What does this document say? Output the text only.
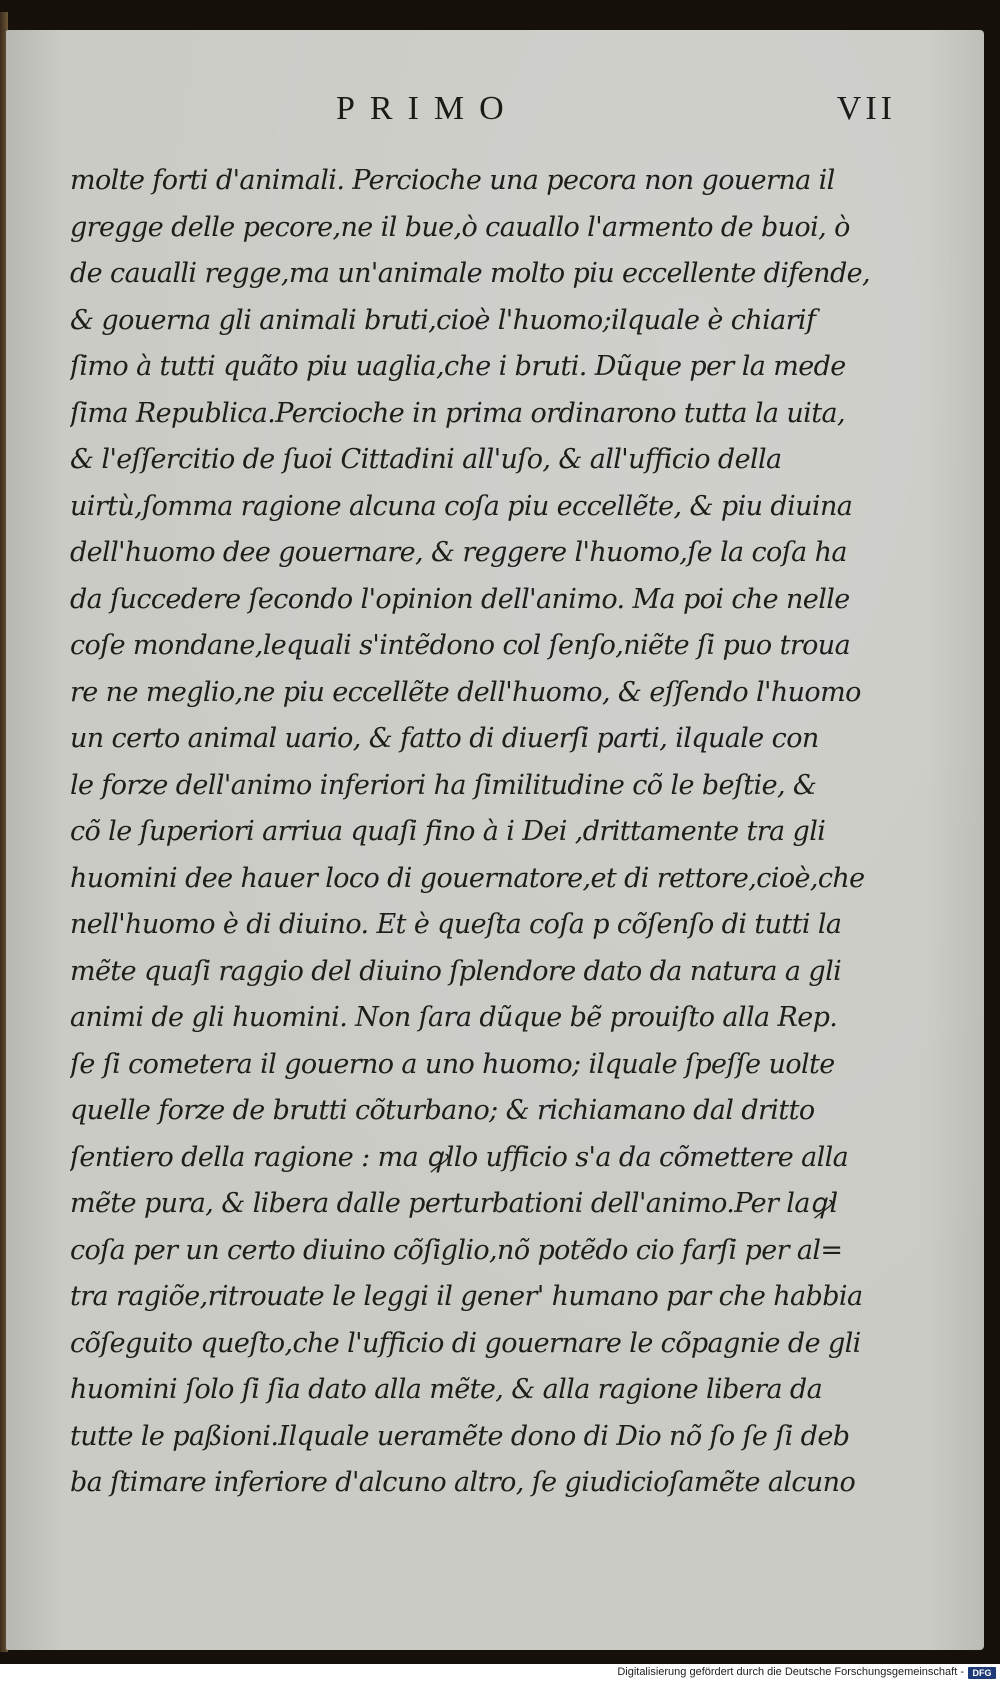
PRIMO	VII
molte forti d'animali. Percioche una pecora non gouerna il
gregge delle pecore,ne il bue,ò cauallo l'armento de buoi, ò
de caualli regge,ma un'animale molto piu eccellente difende,
& gouerna gli animali bruti,cioè l'huomo;ilquale è chiarif
ſimo à tutti quãto piu uaglia,che i bruti. Dũque per la mede
ſima Republica.Percioche in prima ordinarono tutta la uita,
& l'eſſercitio de ſuoi Cittadini all'uſo, & all'ufficio della
uirtù,ſomma ragione alcuna coſa piu eccellẽte, & piu diuina
dell'huomo dee gouernare, & reggere l'huomo,ſe la coſa ha
da ſuccedere ſecondo l'opinion dell'animo. Ma poi che nelle
coſe mondane,lequali s'intẽdono col ſenſo,niẽte ſi puo troua
re ne meglio,ne piu eccellẽte dell'huomo, & eſſendo l'huomo
un certo animal uario, & fatto di diuerſi parti, ilquale con
le forze dell'animo inferiori ha ſimilitudine cõ le beſtie, &
cõ le ſuperiori arriua quaſi fino à i Dei ,drittamente tra gli
huomini dee hauer loco di gouernatore,et di rettore,cioè,che
nell'huomo è di diuino. Et è queſta coſa p cõſenſo di tutti la
mẽte quaſi raggio del diuino ſplendore dato da natura a gli
animi de gli huomini. Non ſara dũque bẽ prouiſto alla Rep.
ſe ſi cometera il gouerno a uno huomo; ilquale ſpeſſe uolte
quelle forze de brutti cõturbano; & richiamano dal dritto
ſentiero della ragione : ma ꝙllo ufficio s'a da cõmettere alla
mẽte pura, & libera dalle perturbationi dell'animo.Per laꝙl
coſa per un certo diuino cõſiglio,nõ potẽdo cio farſi per al=
tra ragiõe,ritrouate le leggi il gener' humano par che habbia
cõſeguito queſto,che l'ufficio di gouernare le cõpagnie de gli
huomini ſolo ſi ſia dato alla mẽte, & alla ragione libera da
tutte le paßioni.Ilquale ueramẽte dono di Dio nõ ſo ſe ſi deb
ba ſtimare inferiore d'alcuno altro, ſe giudicioſamẽte alcuno
Digitalisierung gefördert durch die Deutsche Forschungsgemeinschaft - DFG
